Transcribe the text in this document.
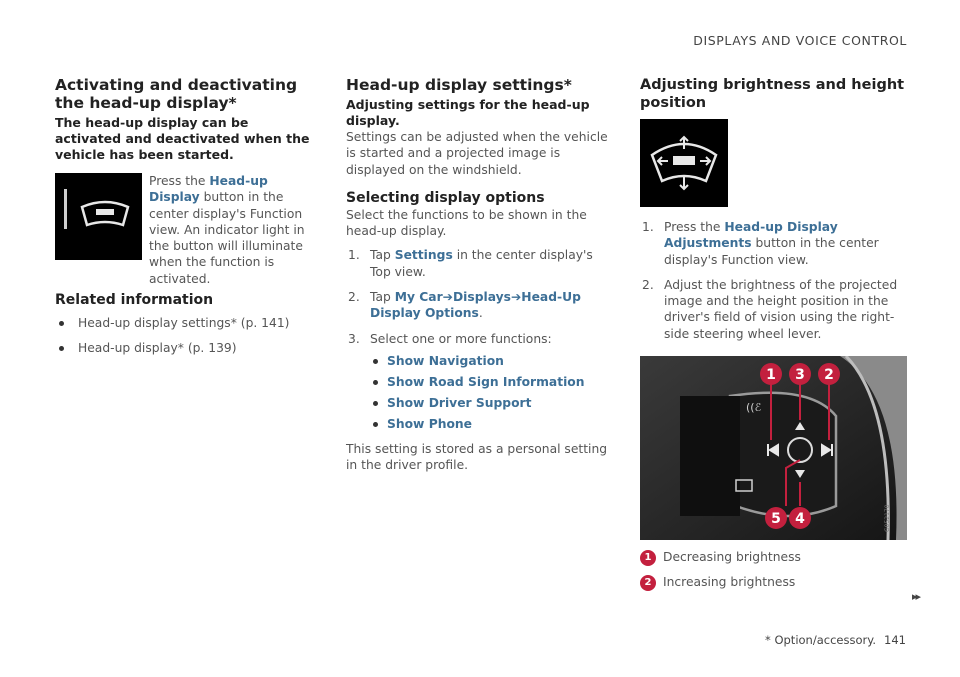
DISPLAYS AND VOICE CONTROL
Activating and deactivating the head-up display*

The head-up display can be activated and deactivated when the vehicle has been started.

Press the Head-up Display button in the center display's Function view. An indicator light in the button will illuminate when the function is activated.

Related information
Head-up display settings* (p. 141)
Head-up display* (p. 139)
Head-up display settings*

Adjusting settings for the head-up display.

Settings can be adjusted when the vehicle is started and a projected image is displayed on the windshield.

Selecting display options

Select the functions to be shown in the head-up display.

1. Tap Settings in the center display's Top view.
2. Tap My Car➔Displays➔Head-Up Display Options.
3. Select one or more functions:
Show Navigation
Show Road Sign Information
Show Driver Support
Show Phone

This setting is stored as a personal setting in the driver profile.

Adjusting brightness and height position
1. Press the Head-up Display Adjustments button in the center display's Function view.
2. Adjust the brightness of the projected image and the height position in the driver's field of vision using the right-side steering wheel lever.
((ℰ
1 3 2
5 4	G052170
1 Decreasing brightness
2 Increasing brightness
▸▸
* Option/accessory. 141
